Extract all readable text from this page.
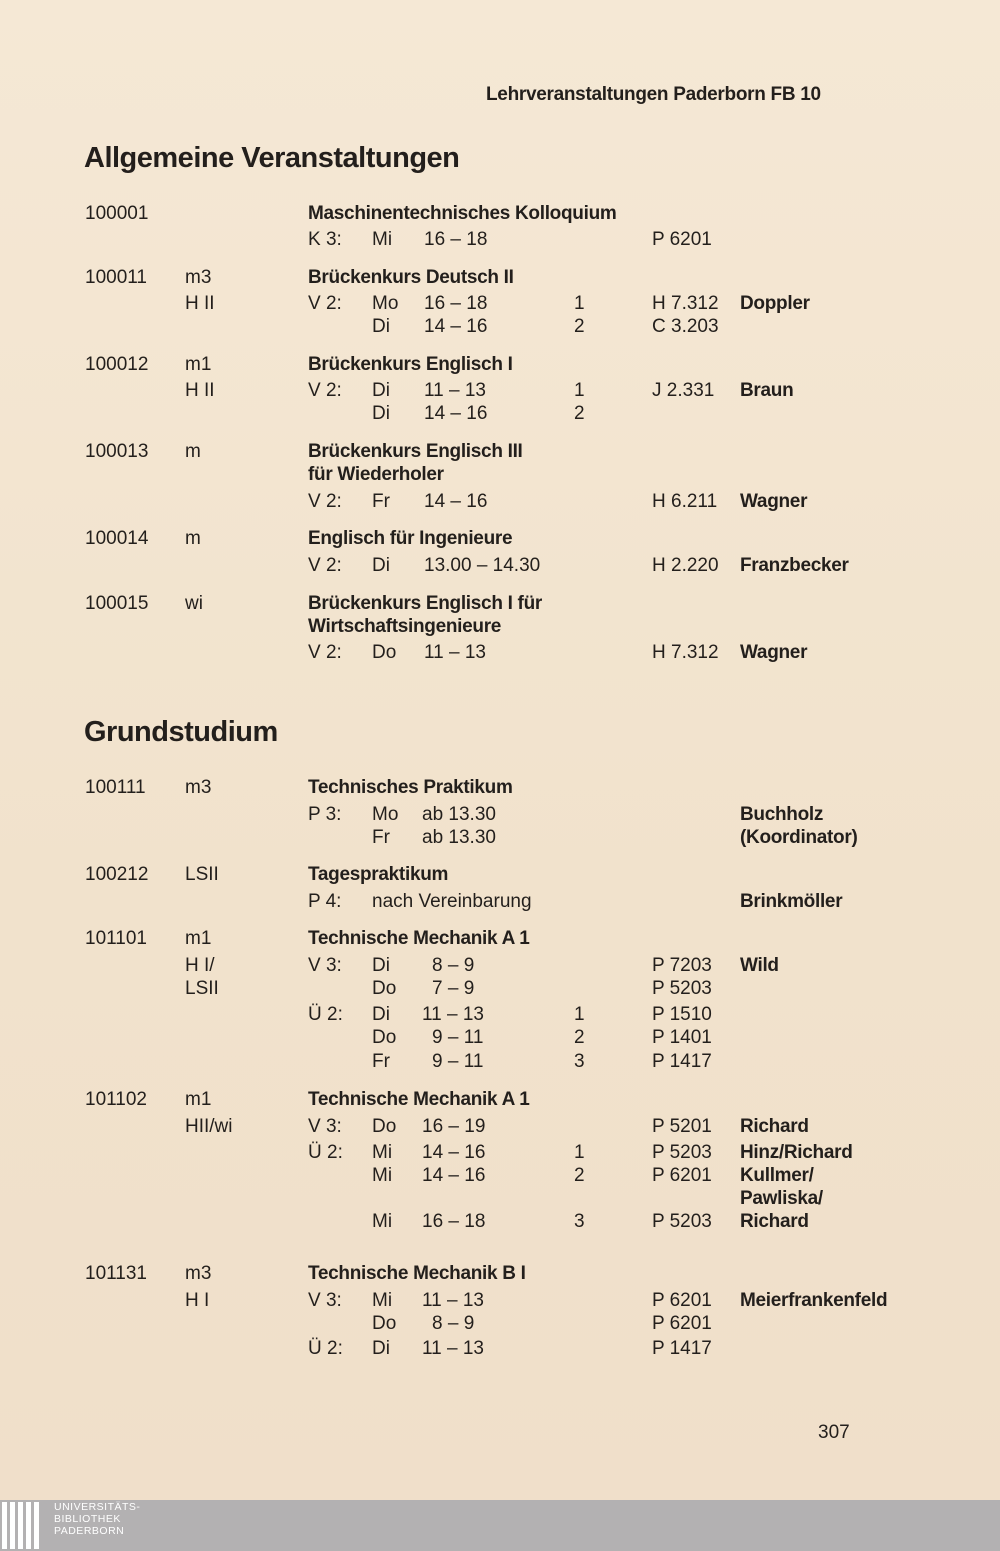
Lehrveranstaltungen Paderborn FB 10
Allgemeine Veranstaltungen
100001	Maschinentechnisches Kolloquium
K 3: Mi 16 – 18	P 6201
100011 m3	Brückenkurs Deutsch II
H II	V 2: Mo 16 – 18	1	H 7.312 Doppler
Di 14 – 16	2	C 3.203
100012 m1	Brückenkurs Englisch I
H II	V 2: Di 11 – 13	1	J 2.331 Braun
Di 14 – 16	2
100013 m	Brückenkurs Englisch III
für Wiederholer
V 2: Fr 14 – 16	H 6.211 Wagner
100014 m	Englisch für Ingenieure
V 2: Di 13.00 – 14.30	H 2.220 Franzbecker
100015 wi	Brückenkurs Englisch I für
Wirtschaftsingenieure
V 2: Do 11 – 13	H 7.312 Wagner
Grundstudium
100111 m3	Technisches Praktikum
P 3: Mo ab 13.30	Buchholz
Fr ab 13.30	(Koordinator)
100212 LSII	Tagespraktikum
P 4: nach Vereinbarung	Brinkmöller
101101 m1	Technische Mechanik A 1
H I/	V 3: Di 8 – 9	P 7203 Wild
LSII	Do 7 – 9	P 5203
Ü 2: Di 11 – 13	1	P 1510
Do 9 – 11	2	P 1401
Fr 9 – 11	3	P 1417
101102 m1	Technische Mechanik A 1
HII/wi	V 3: Do 16 – 19	P 5201 Richard
Ü 2: Mi 14 – 16	1	P 5203 Hinz/Richard
Mi 14 – 16	2	P 6201 Kullmer/
Pawliska/
Mi 16 – 18	3	P 5203 Richard
101131 m3	Technische Mechanik B I
H I	V 3: Mi 11 – 13	P 6201 Meierfrankenfeld
Do 8 – 9	P 6201
Ü 2: Di 11 – 13	P 1417
307
UNIVERSITÄTS-
BIBLIOTHEK
PADERBORN
